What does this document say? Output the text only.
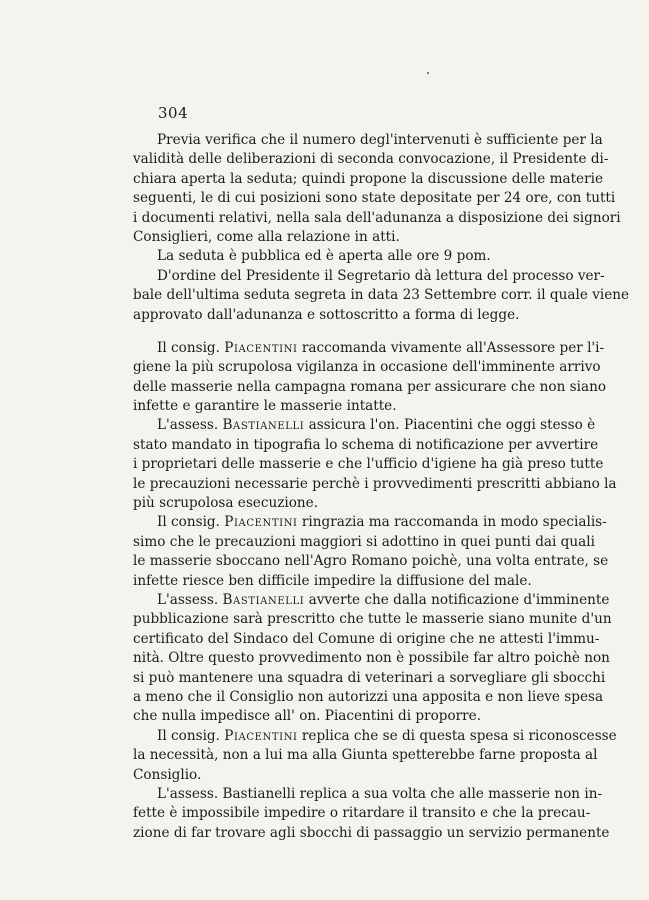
304
Previa verifica che il numero degl'intervenuti è sufficiente per la
validità delle deliberazioni di seconda convocazione, il Presidente di-
chiara aperta la seduta; quindi propone la discussione delle materie
seguenti, le di cui posizioni sono state depositate per 24 ore, con tutti
i documenti relativi, nella sala dell'adunanza a disposizione dei signori
Consiglieri, come alla relazione in atti.
La seduta è pubblica ed è aperta alle ore 9 pom.
D'ordine del Presidente il Segretario dà lettura del processo ver-
bale dell'ultima seduta segreta in data 23 Settembre corr. il quale viene
approvato dall'adunanza e sottoscritto a forma di legge.
Il consig. Piacentini raccomanda vivamente all'Assessore per l'i-
giene la più scrupolosa vigilanza in occasione dell'imminente arrivo
delle masserie nella campagna romana per assicurare che non siano
infette e garantire le masserie intatte.
L'assess. Bastianelli assicura l'on. Piacentini che oggi stesso è
stato mandato in tipografia lo schema di notificazione per avvertire
i proprietari delle masserie e che l'ufficio d'igiene ha già preso tutte
le precauzioni necessarie perchè i provvedimenti prescritti abbiano la
più scrupolosa esecuzione.
Il consig. Piacentini ringrazia ma raccomanda in modo specialis-
simo che le precauzioni maggiori si adottino in quei punti dai quali
le masserie sboccano nell'Agro Romano poichè, una volta entrate, se
infette riesce ben difficile impedire la diffusione del male.
L'assess. Bastianelli avverte che dalla notificazione d'imminente
pubblicazione sarà prescritto che tutte le masserie siano munite d'un
certificato del Sindaco del Comune di origine che ne attesti l'immu-
nità. Oltre questo provvedimento non è possibile far altro poichè non
si può mantenere una squadra di veterinari a sorvegliare gli sbocchi
a meno che il Consiglio non autorizzi una apposita e non lieve spesa
che nulla impedisce all' on. Piacentini di proporre.
Il consig. Piacentini replica che se di questa spesa si riconoscesse
la necessità, non a lui ma alla Giunta spetterebbe farne proposta al
Consiglio.
L'assess. Bastianelli replica a sua volta che alle masserie non in-
fette è impossibile impedire o ritardare il transito e che la precau-
zione di far trovare agli sbocchi di passaggio un servizio permanente
